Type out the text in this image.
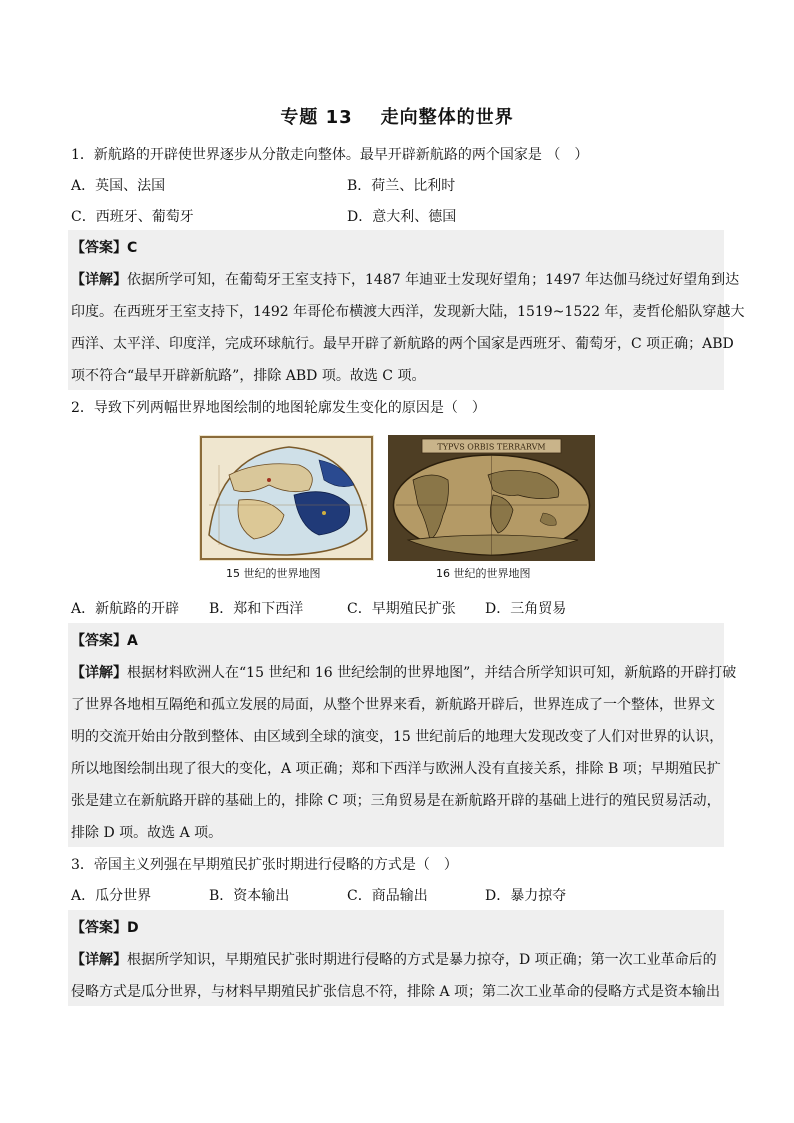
专题 13 走向整体的世界
1．新航路的开辟使世界逐步从分散走向整体。最早开辟新航路的两个国家是 （　）
A．英国、法国	B．荷兰、比利时
C．西班牙、葡萄牙	D．意大利、德国
【答案】C
【详解】依据所学可知，在葡萄牙王室支持下，1487 年迪亚士发现好望角；1497 年达伽马绕过好望角到达
印度。在西班牙王室支持下，1492 年哥伦布横渡大西洋，发现新大陆，1519~1522 年，麦哲伦船队穿越大
西洋、太平洋、印度洋，完成环球航行。最早开辟了新航路的两个国家是西班牙、葡萄牙，C 项正确；ABD
项不符合“最早开辟新航路”，排除 ABD 项。故选 C 项。
2．导致下列两幅世界地图绘制的地图轮廓发生变化的原因是（　）
15 世纪的世界地图
TYPVS ORBIS TERRARVM
16 世纪的世界地图
A．新航路的开辟 B．郑和下西洋	C．早期殖民扩张 D．三角贸易
【答案】A
【详解】根据材料欧洲人在“15 世纪和 16 世纪绘制的世界地图”，并结合所学知识可知，新航路的开辟打破
了世界各地相互隔绝和孤立发展的局面，从整个世界来看，新航路开辟后，世界连成了一个整体，世界文
明的交流开始由分散到整体、由区域到全球的演变，15 世纪前后的地理大发现改变了人们对世界的认识，
所以地图绘制出现了很大的变化，A 项正确；郑和下西洋与欧洲人没有直接关系，排除 B 项；早期殖民扩
张是建立在新航路开辟的基础上的，排除 C 项；三角贸易是在新航路开辟的基础上进行的殖民贸易活动，
排除 D 项。故选 A 项。
3．帝国主义列强在早期殖民扩张时期进行侵略的方式是（　）
A．瓜分世界	B．资本输出	C．商品输出	D．暴力掠夺
【答案】D
【详解】根据所学知识，早期殖民扩张时期进行侵略的方式是暴力掠夺，D 项正确；第一次工业革命后的
侵略方式是瓜分世界，与材料早期殖民扩张信息不符，排除 A 项；第二次工业革命的侵略方式是资本输出
